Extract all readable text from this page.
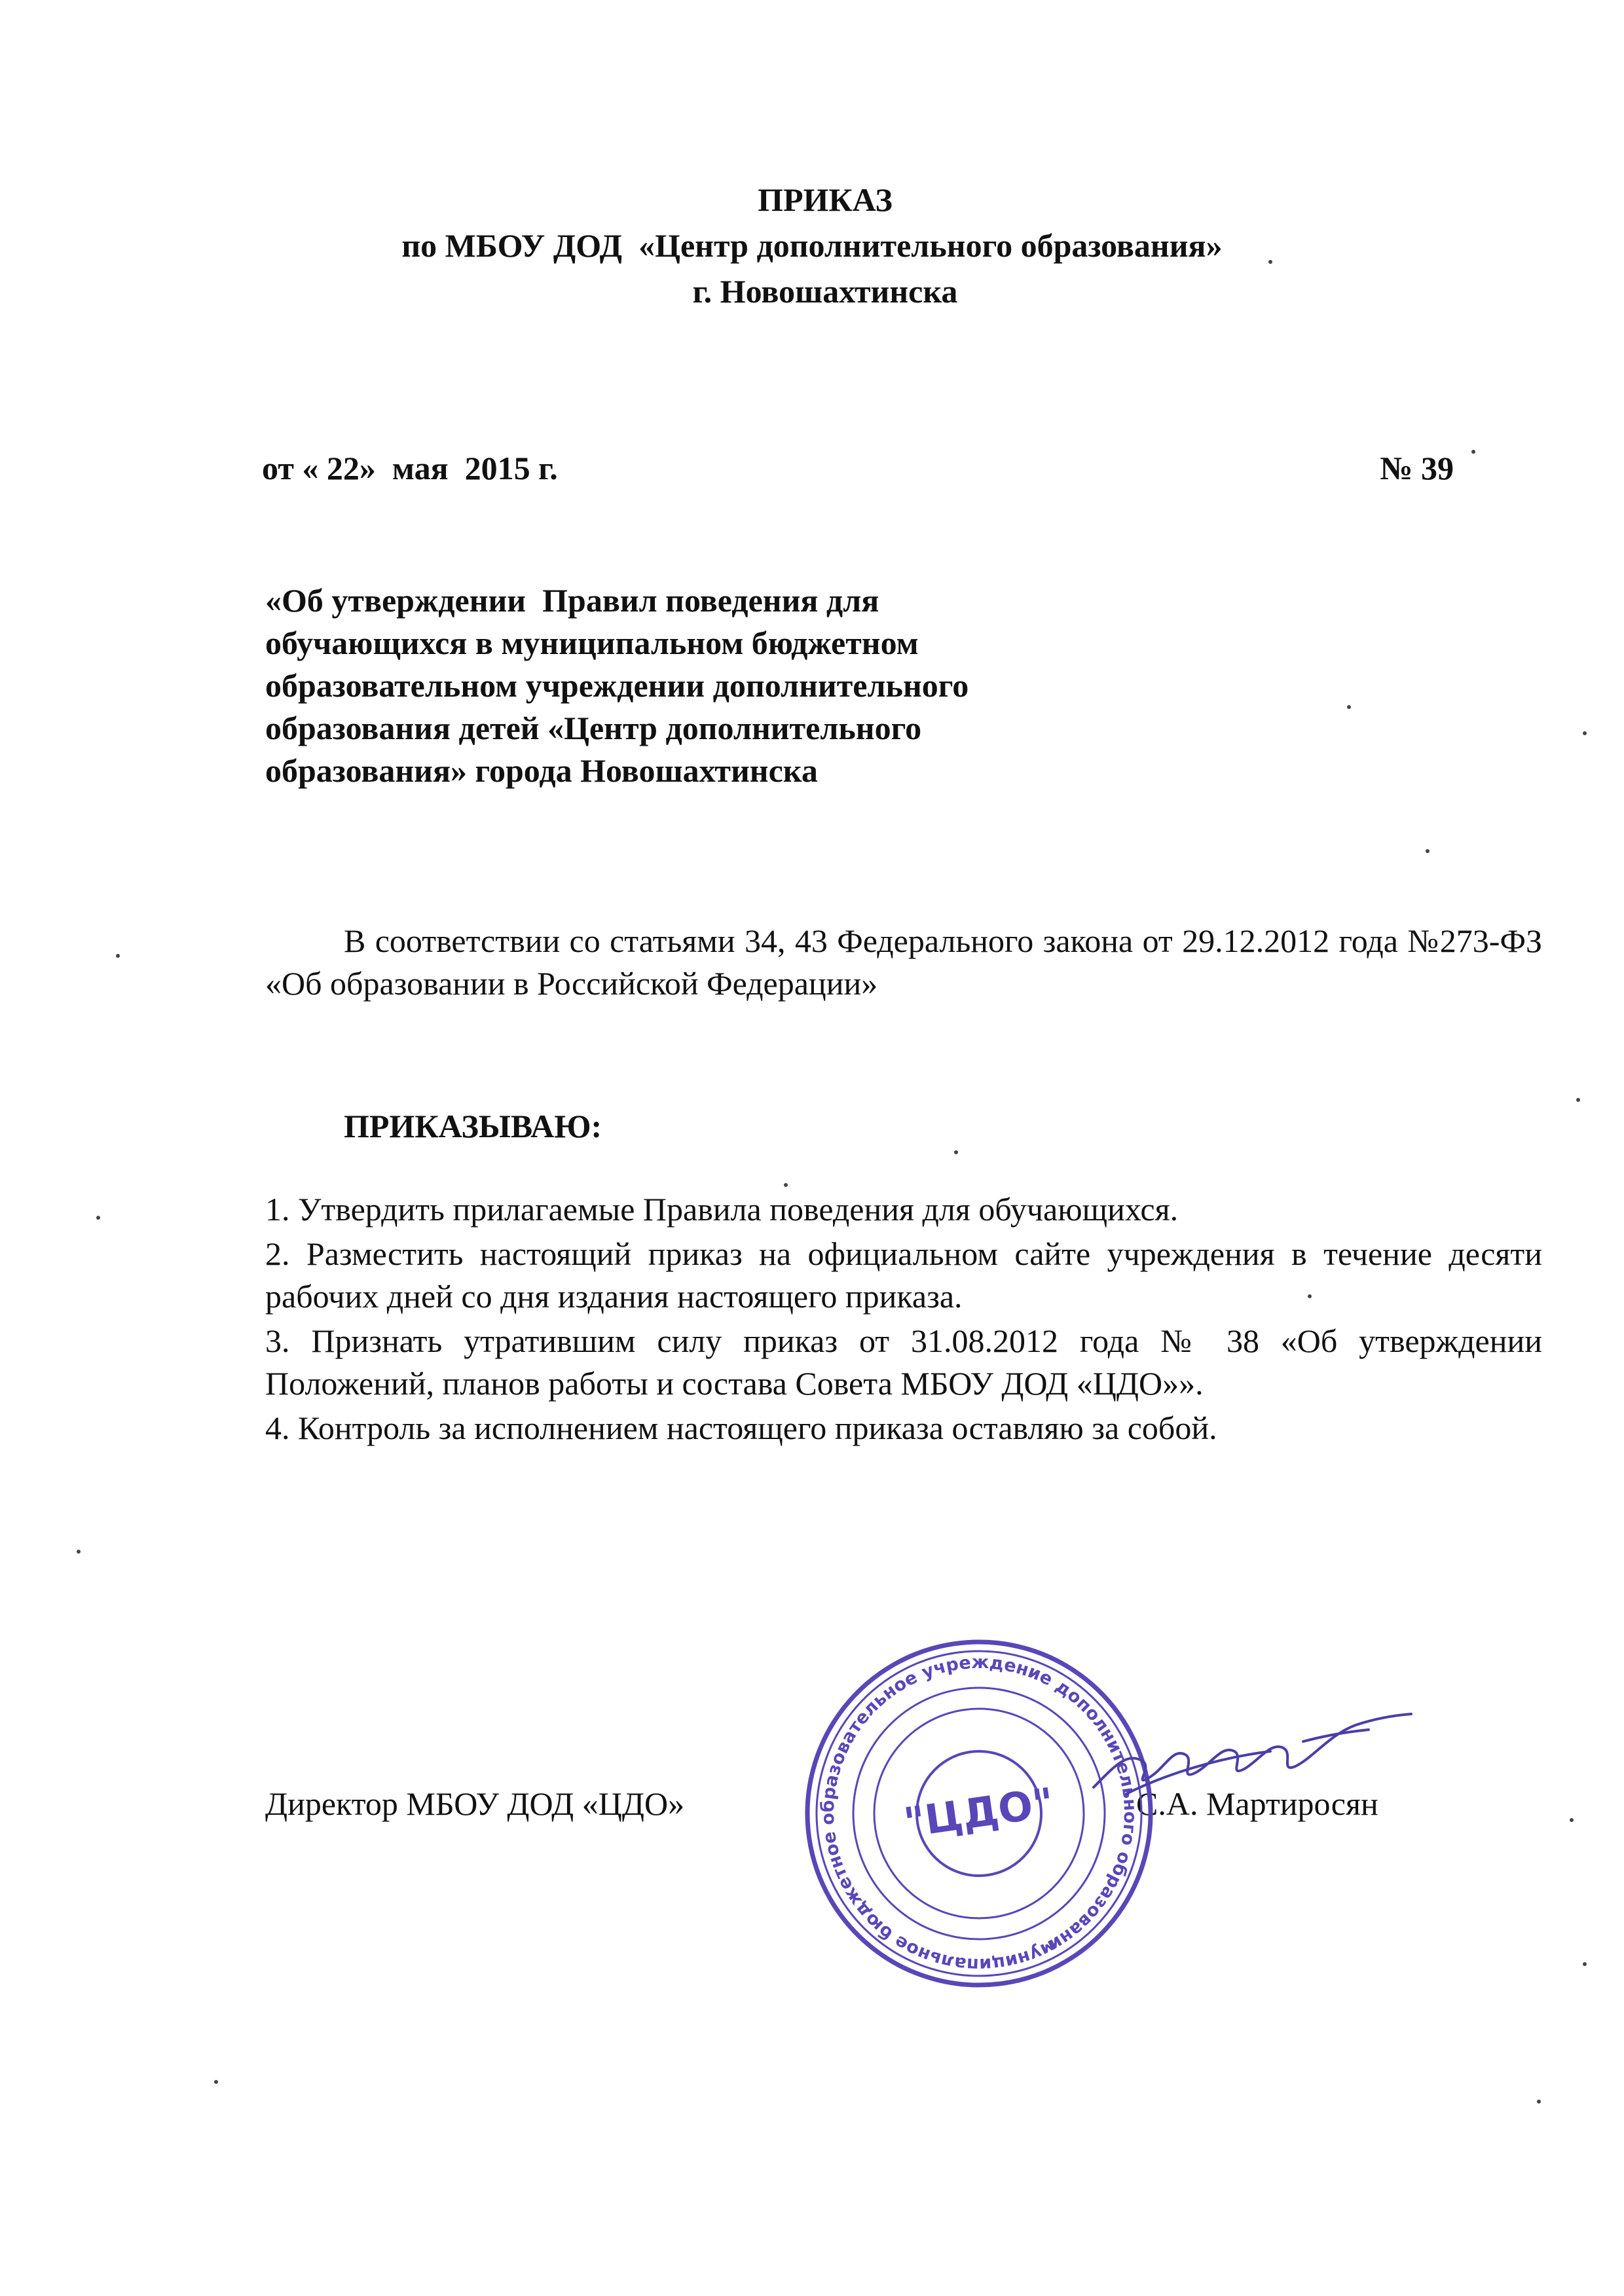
ПРИКАЗ
по МБОУ ДОД  «Центр дополнительного образования»
г. Новошахтинска
от « 22»  мая  2015 г.	№ 39
«Об утверждении  Правил поведения для
обучающихся в муниципальном бюджетном
образовательном учреждении дополнительного
образования детей «Центр дополнительного
образования» города Новошахтинска
В соответствии со статьями 34, 43 Федерального закона от 29.12.2012 года №273-ФЗ «Об образовании в Российской Федерации»
ПРИКАЗЫВАЮ:
1. Утвердить прилагаемые Правила поведения для обучающихся.
2. Разместить настоящий приказ на официальном сайте учреждения в течение десяти рабочих дней со дня издания настоящего приказа.
3. Признать утратившим силу приказ от 31.08.2012 года № 38 «Об утверждении Положений, планов работы и состава Совета МБОУ ДОД «ЦДО»».
4. Контроль за исполнением настоящего приказа оставляю за собой.
Директор МБОУ ДОД «ЦДО»	С.А. Мартиросян
муниципальное бюджетное образовательное учреждение дополнительного образования
"ЦДО"
